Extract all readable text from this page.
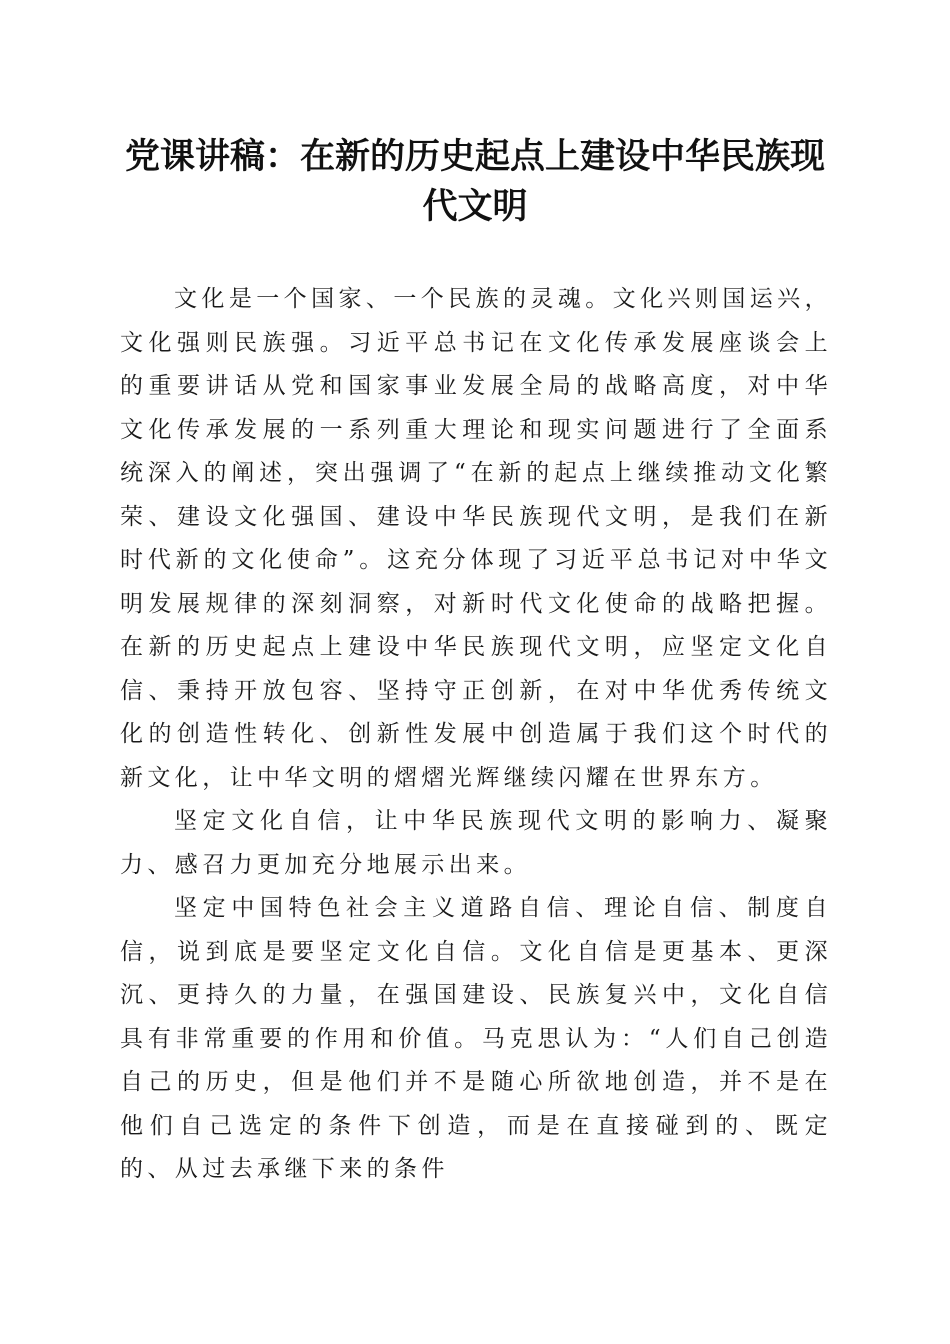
党课讲稿：在新的历史起点上建设中华民族现
代文明

文化是一个国家、一个民族的灵魂。文化兴则国运兴，文化强则民族强。习近平总书记在文化传承发展座谈会上的重要讲话从党和国家事业发展全局的战略高度，对中华文化传承发展的一系列重大理论和现实问题进行了全面系统深入的阐述，突出强调了“在新的起点上继续推动文化繁荣、建设文化强国、建设中华民族现代文明，是我们在新时代新的文化使命”。这充分体现了习近平总书记对中华文明发展规律的深刻洞察，对新时代文化使命的战略把握。在新的历史起点上建设中华民族现代文明，应坚定文化自信、秉持开放包容、坚持守正创新，在对中华优秀传统文化的创造性转化、创新性发展中创造属于我们这个时代的新文化，让中华文明的熠熠光辉继续闪耀在世界东方。

坚定文化自信，让中华民族现代文明的影响力、凝聚力、感召力更加充分地展示出来。

坚定中国特色社会主义道路自信、理论自信、制度自信，说到底是要坚定文化自信。文化自信是更基本、更深沉、更持久的力量，在强国建设、民族复兴中，文化自信具有非常重要的作用和价值。马克思认为：“人们自己创造自己的历史，但是他们并不是随心所欲地创造，并不是在他们自己选定的条件下创造，而是在直接碰到的、既定的、从过去承继下来的条件
